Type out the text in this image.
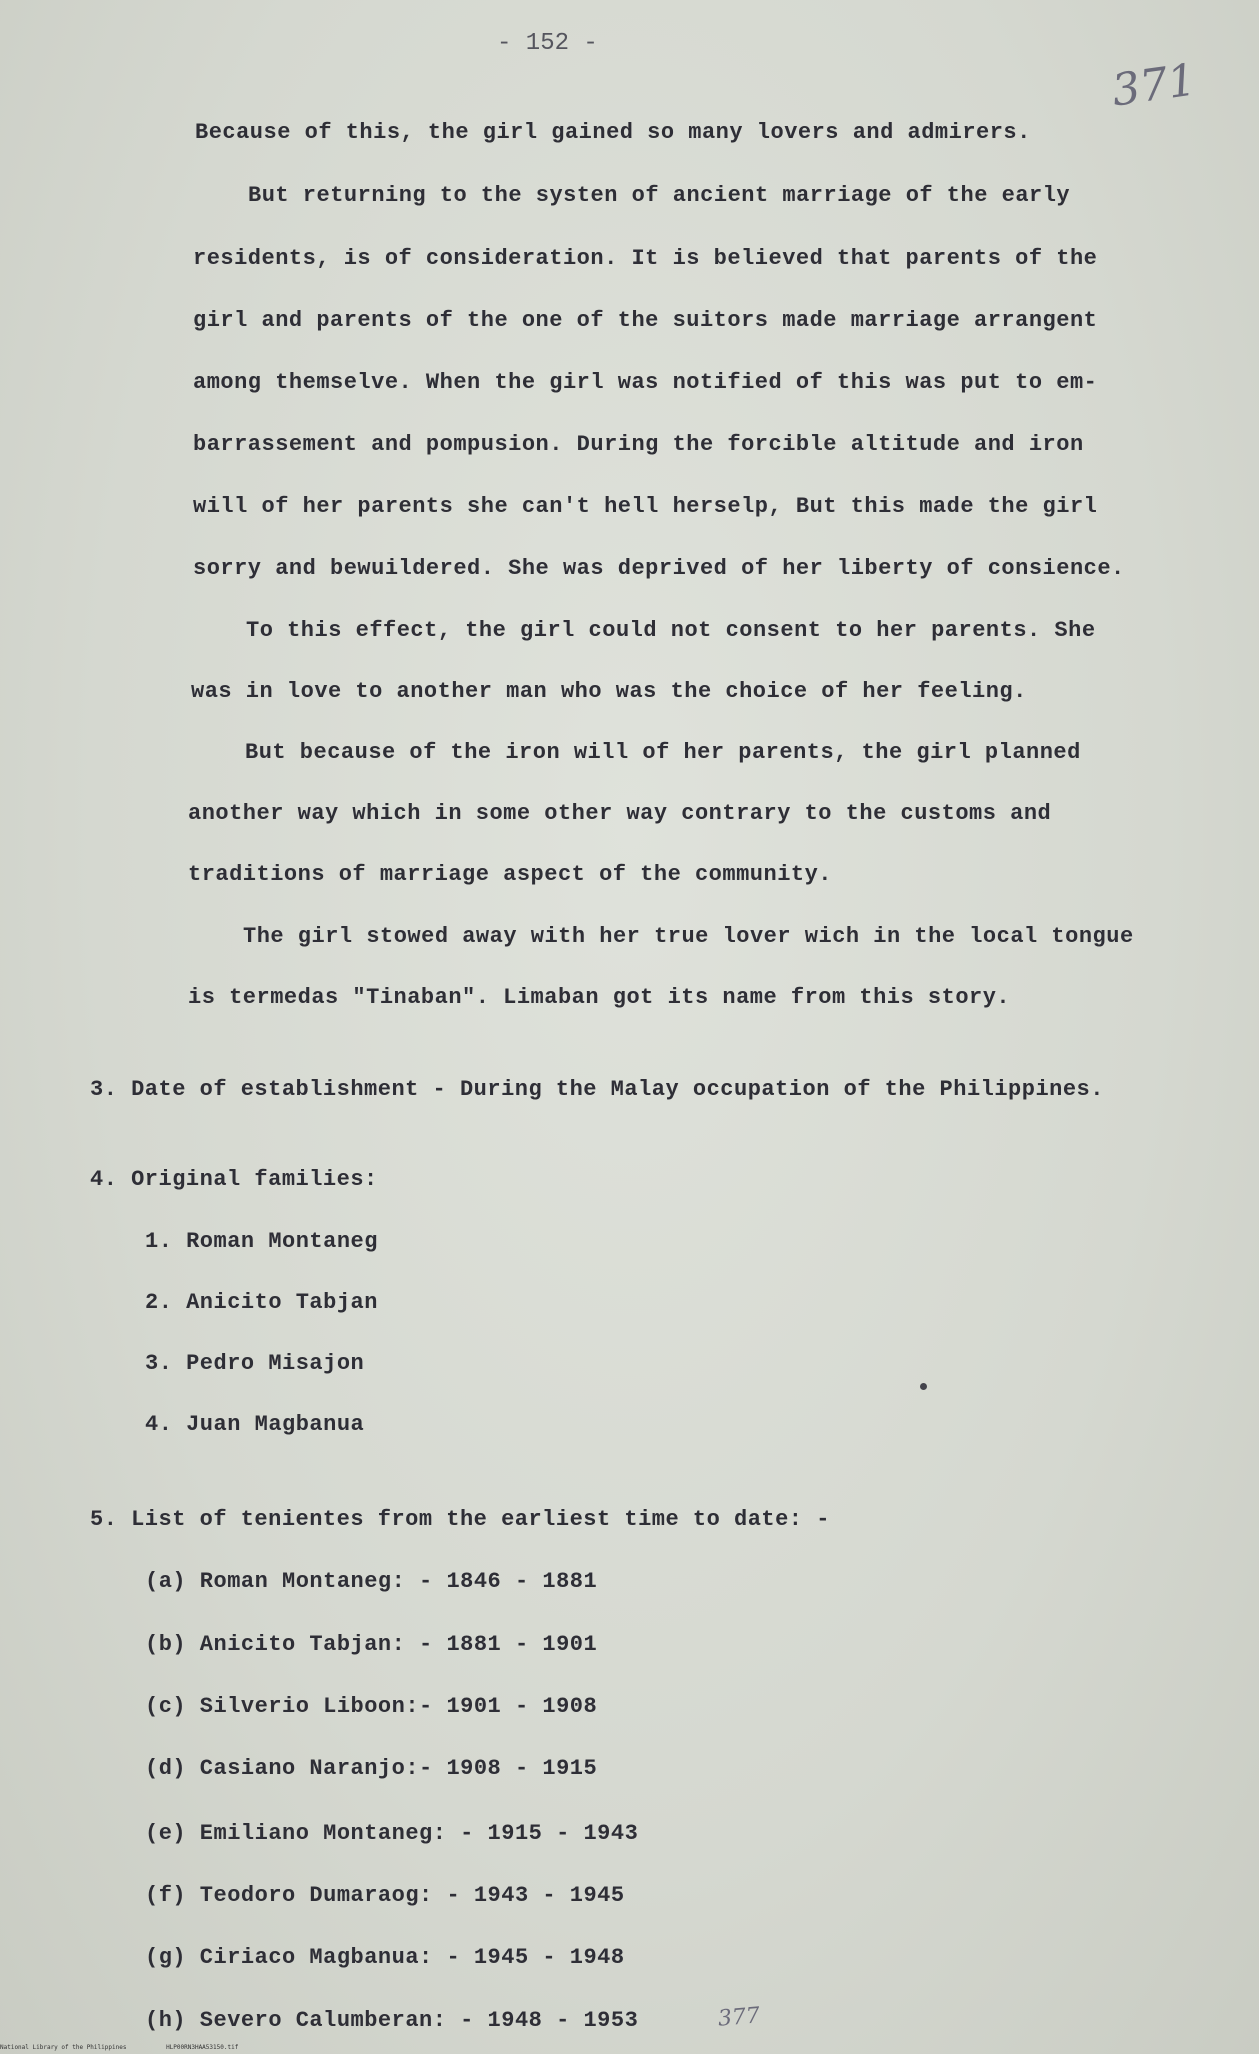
- 152 -
371
Because of this, the girl gained so many lovers and admirers.
But returning to the systen of ancient marriage of the early
residents, is of consideration. It is believed that parents of the
girl and parents of the one of the suitors made marriage arrangent
among themselve. When the girl was notified of this was put to em-
barrassement and pompusion. During the forcible altitude and iron
will of her parents she can't hell herselp, But this made the girl
sorry and bewuildered. She was deprived of her liberty of consience.
To this effect, the girl could not consent to her parents. She
was in love to another man who was the choice of her feeling.
But because of the iron will of her parents, the girl planned
another way which in some other way contrary to the customs and
traditions of marriage aspect of the community.
The girl stowed away with her true lover wich in the local tongue
is termedas "Tinaban". Limaban got its name from this story.
3. Date of establishment - During the Malay occupation of the Philippines.
4. Original families:
1. Roman Montaneg
2. Anicito Tabjan
3. Pedro Misajon
4. Juan Magbanua
5. List of tenientes from the earliest time to date: -
(a) Roman Montaneg: - 1846 - 1881
(b) Anicito Tabjan: - 1881 - 1901
(c) Silverio Liboon:- 1901 - 1908
(d) Casiano Naranjo:- 1908 - 1915
(e) Emiliano Montaneg: - 1915 - 1943
(f) Teodoro Dumaraog: - 1943 - 1945
(g) Ciriaco Magbanua: - 1945 - 1948
(h) Severo Calumberan: - 1948 - 1953	377
National Library of the Philippines	HLP00RN3HAA53150.tif
